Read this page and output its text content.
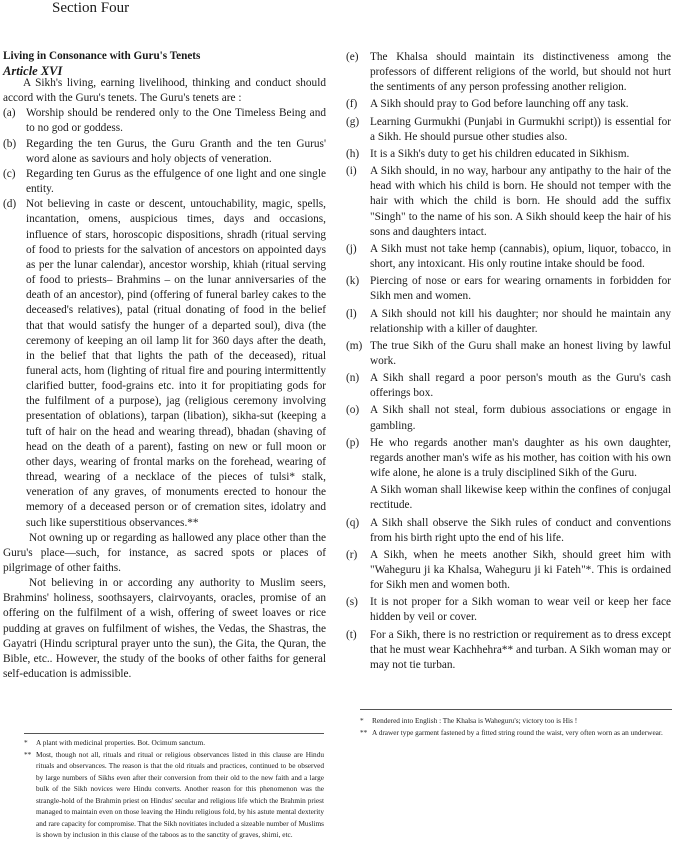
Section Four
Living in Consonance with Guru's Tenets
Article XVI

A Sikh's living, earning livelihood, thinking and conduct should accord with the Guru's tenets. The Guru's tenets are :

(a) Worship should be rendered only to the One Timeless Being and to no god or goddess.
(b) Regarding the ten Gurus, the Guru Granth and the ten Gurus' word alone as saviours and holy objects of veneration.
(c) Regarding ten Gurus as the effulgence of one light and one single entity.
(d) Not believing in caste or descent, untouchability, magic, spells, incantation, omens, auspicious times, days and occasions, influence of stars, horoscopic dispositions, shradh (ritual serving of food to priests for the salvation of ancestors on appointed days as per the lunar calendar), ancestor worship, khiah (ritual serving of food to priests– Brahmins – on the lunar anniversaries of the death of an ancestor), pind (offering of funeral barley cakes to the deceased's relatives), patal (ritual donating of food in the belief that that would satisfy the hunger of a departed soul), diva (the ceremony of keeping an oil lamp lit for 360 days after the death, in the belief that that lights the path of the deceased), ritual funeral acts, hom (lighting of ritual fire and pouring intermittently clarified butter, food-grains etc. into it for propitiating gods for the fulfilment of a purpose), jag (religious ceremony involving presentation of oblations), tarpan (libation), sikha-sut (keeping a tuft of hair on the head and wearing thread), bhadan (shaving of head on the death of a parent), fasting on new or full moon or other days, wearing of frontal marks on the forehead, wearing of thread, wearing of a necklace of the pieces of tulsi* stalk, veneration of any graves, of monuments erected to honour the memory of a deceased person or of cremation sites, idolatry and such like superstitious observances.**

Not owning up or regarding as hallowed any place other than the Guru's place—such, for instance, as sacred spots or places of pilgrimage of other faiths.

Not believing in or according any authority to Muslim seers, Brahmins' holiness, soothsayers, clairvoyants, oracles, promise of an offering on the fulfilment of a wish, offering of sweet loaves or rice pudding at graves on fulfilment of wishes, the Vedas, the Shastras, the Gayatri (Hindu scriptural prayer unto the sun), the Gita, the Quran, the Bible, etc.. However, the study of the books of other faiths for general self-education is admissible.

(e)	The Khalsa should maintain its distinctiveness among the professors of different religions of the world, but should not hurt the sentiments of any person professing another religion.
(f)	A Sikh should pray to God before launching off any task.
(g) Learning Gurmukhi (Punjabi in Gurmukhi script)) is essential for a Sikh. He should pursue other studies also.
(h) It is a Sikh's duty to get his children educated in Sikhism.
(i)	A Sikh should, in no way, harbour any antipathy to the hair of the head with which his child is born. He should not temper with the hair with which the child is born. He should add the suffix "Singh" to the name of his son. A Sikh should keep the hair of his sons and daughters intact.
(j)	A Sikh must not take hemp (cannabis), opium, liquor, tobacco, in short, any intoxicant. His only routine intake should be food.
(k) Piercing of nose or ears for wearing ornaments in forbidden for Sikh men and women.
(l)	A Sikh should not kill his daughter; nor should he maintain any relationship with a killer of daughter.
(m) The true Sikh of the Guru shall make an honest living by lawful work.
(n) A Sikh shall regard a poor person's mouth as the Guru's cash offerings box.
(o) A Sikh shall not steal, form dubious associations or engage in gambling.
(p) He who regards another man's daughter as his own daughter, regards another man's wife as his mother, has coition with his own wife alone, he alone is a truly disciplined Sikh of the Guru.
A Sikh woman shall likewise keep within the confines of conjugal rectitude.
(q) A Sikh shall observe the Sikh rules of conduct and conventions from his birth right upto the end of his life.
(r)	A Sikh, when he meets another Sikh, should greet him with "Waheguru ji ka Khalsa, Waheguru ji ki Fateh"*. This is ordained for Sikh men and women both.
(s)	It is not proper for a Sikh woman to wear veil or keep her face hidden by veil or cover.
(t)	For a Sikh, there is no restriction or requirement as to dress except that he must wear Kachhehra** and turban. A Sikh woman may or may not tie turban.
*	A plant with medicinal properties. Bot. Ocimum sanctum.
** Most, though not all, rituals and ritual or religious observances listed in this clause are Hindu rituals and observances. The reason is that the old rituals and practices, continued to be observed by large numbers of Sikhs even after their conversion from their old to the new faith and a large bulk of the Sikh novices were Hindu converts. Another reason for this phenomenon was the strangle-hold of the Brahmin priest on Hindus' secular and religious life which the Brahmin priest managed to maintain even on those leaving the Hindu religious fold, by his astute mental dexterity and rare capacity for compromise. That the Sikh novitiates included a sizeable number of Muslims is shown by inclusion in this clause of the taboos as to the sanctity of graves, shirni, etc.
*	Rendered into English : The Khalsa is Waheguru's; victory too is His !
** A drawer type garment fastened by a fitted string round the waist, very often worn as an underwear.
